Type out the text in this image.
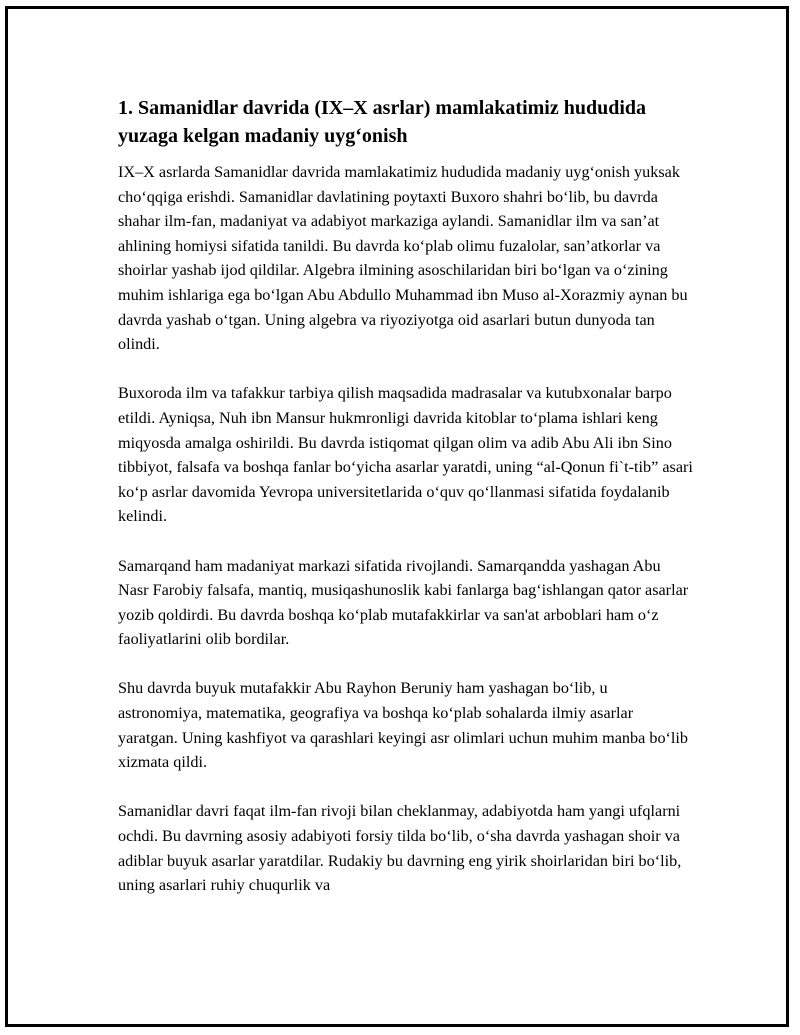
1. Samanidlar davrida (IX–X asrlar) mamlakatimiz hududida yuzaga kelgan madaniy uyg‘onish

IX–X asrlarda Samanidlar davrida mamlakatimiz hududida madaniy uyg‘onish yuksak cho‘qqiga erishdi. Samanidlar davlatining poytaxti Buxoro shahri bo‘lib, bu davrda shahar ilm-fan, madaniyat va adabiyot markaziga aylandi. Samanidlar ilm va san’at ahlining homiysi sifatida tanildi. Bu davrda ko‘plab olimu fuzalolar, san’atkorlar va shoirlar yashab ijod qildilar. Algebra ilmining asoschilaridan biri bo‘lgan va o‘zining muhim ishlariga ega bo‘lgan Abu Abdullo Muhammad ibn Muso al-Xorazmiy aynan bu davrda yashab o‘tgan. Uning algebra va riyoziyotga oid asarlari butun dunyoda tan olindi.

Buxoroda ilm va tafakkur tarbiya qilish maqsadida madrasalar va kutubxonalar barpo etildi. Ayniqsa, Nuh ibn Mansur hukmronligi davrida kitoblar to‘plama ishlari keng miqyosda amalga oshirildi. Bu davrda istiqomat qilgan olim va adib Abu Ali ibn Sino tibbiyot, falsafa va boshqa fanlar bo‘yicha asarlar yaratdi, uning “al-Qonun fi`t-tib” asari ko‘p asrlar davomida Yevropa universitetlarida o‘quv qo‘llanmasi sifatida foydalanib kelindi.

Samarqand ham madaniyat markazi sifatida rivojlandi. Samarqandda yashagan Abu Nasr Farobiy falsafa, mantiq, musiqashunoslik kabi fanlarga bag‘ishlangan qator asarlar yozib qoldirdi. Bu davrda boshqa ko‘plab mutafakkirlar va san'at arboblari ham o‘z faoliyatlarini olib bordilar.

Shu davrda buyuk mutafakkir Abu Rayhon Beruniy ham yashagan bo‘lib, u astronomiya, matematika, geografiya va boshqa ko‘plab sohalarda ilmiy asarlar yaratgan. Uning kashfiyot va qarashlari keyingi asr olimlari uchun muhim manba bo‘lib xizmata qildi.

Samanidlar davri faqat ilm-fan rivoji bilan cheklanmay, adabiyotda ham yangi ufqlarni ochdi. Bu davrning asosiy adabiyoti forsiy tilda bo‘lib, o‘sha davrda yashagan shoir va adiblar buyuk asarlar yaratdilar. Rudakiy bu davrning eng yirik shoirlaridan biri bo‘lib, uning asarlari ruhiy chuqurlik va
